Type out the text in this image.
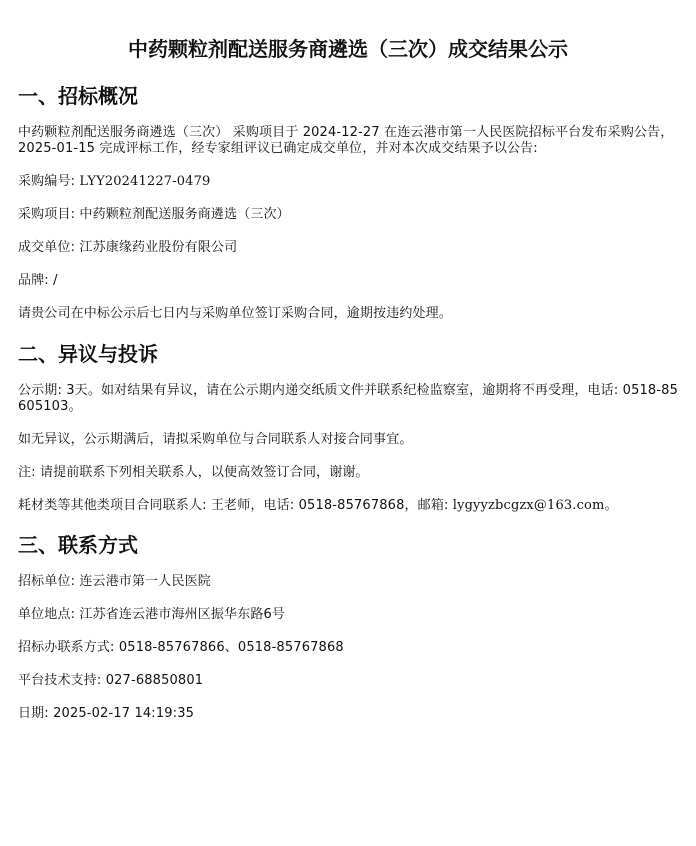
中药颗粒剂配送服务商遴选（三次）成交结果公示
一、招标概况

中药颗粒剂配送服务商遴选（三次） 采购项目于 2024-12-27 在连云港市第一人民医院招标平台发布采购公告，2025-01-15 完成评标工作，经专家组评议已确定成交单位，并对本次成交结果予以公告:

采购编号: LYY20241227-0479

采购项目: 中药颗粒剂配送服务商遴选（三次）

成交单位: 江苏康缘药业股份有限公司

品牌: /

请贵公司在中标公示后七日内与采购单位签订采购合同，逾期按违约处理。

二、异议与投诉

公示期: 3天。如对结果有异议，请在公示期内递交纸质文件并联系纪检监察室，逾期将不再受理，电话: 0518-85605103。

如无异议，公示期满后，请拟采购单位与合同联系人对接合同事宜。

注: 请提前联系下列相关联系人，以便高效签订合同，谢谢。

耗材类等其他类项目合同联系人: 王老师，电话: 0518-85767868，邮箱: lygyyzbcgzx@163.com。

三、联系方式

招标单位: 连云港市第一人民医院

单位地点: 江苏省连云港市海州区振华东路6号

招标办联系方式: 0518-85767866、0518-85767868

平台技术支持: 027-68850801

日期: 2025-02-17 14:19:35
